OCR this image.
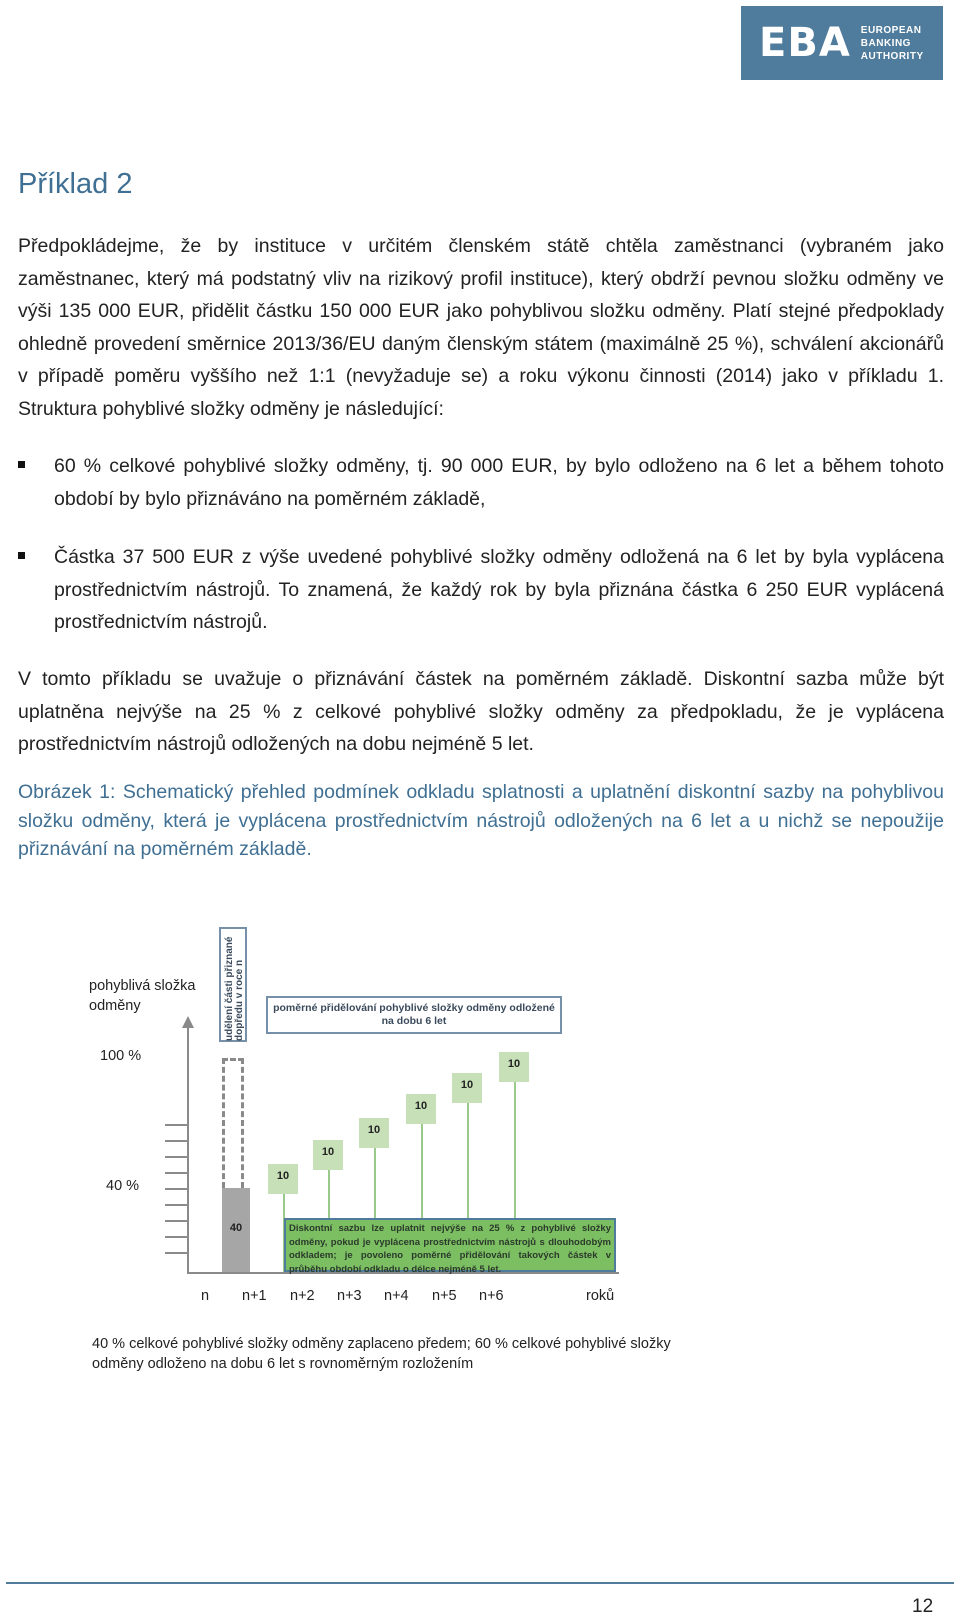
EBA EUROPEAN
BANKING
AUTHORITY
Příklad 2
Předpokládejme, že by instituce v určitém členském státě chtěla zaměstnanci (vybraném jako zaměstnanec, který má podstatný vliv na rizikový profil instituce), který obdrží pevnou složku odměny ve výši 135 000 EUR, přidělit částku 150 000 EUR jako pohyblivou složku odměny. Platí stejné předpoklady ohledně provedení směrnice 2013/36/EU daným členským státem (maximálně 25 %), schválení akcionářů v případě poměru vyššího než 1:1 (nevyžaduje se) a roku výkonu činnosti (2014) jako v příkladu 1. Struktura pohyblivé složky odměny je následující:
60 % celkové pohyblivé složky odměny, tj. 90 000 EUR, by bylo odloženo na 6 let a během tohoto období by bylo přiznáváno na poměrném základě,
Částka 37 500 EUR z výše uvedené pohyblivé složky odměny odložená na 6 let by byla vyplácena prostřednictvím nástrojů. To znamená, že každý rok by byla přiznána částka 6 250 EUR vyplácená prostřednictvím nástrojů.
V tomto příkladu se uvažuje o přiznávání částek na poměrném základě. Diskontní sazba může být uplatněna nejvýše na 25 % z celkové pohyblivé složky odměny za předpokladu, že je vyplácena prostřednictvím nástrojů odložených na dobu nejméně 5 let.
Obrázek 1: Schematický přehled podmínek odkladu splatnosti a uplatnění diskontní sazby na pohyblivou složku odměny, která je vyplácena prostřednictvím nástrojů odložených na 6 let a u nichž se nepoužije přiznávání na poměrném základě.
pohyblivá složka
odměny	udělení části přiznané dopředu v roce n	poměrné přidělování pohyblivé složky odměny odložené na dobu 6 let
100 %
40 %
40
10
10
10
10
10
10
Diskontní sazbu lze uplatnit nejvýše na 25 % z pohyblivé složky odměny, pokud je vyplácena prostřednictvím nástrojů s dlouhodobým odkladem; je povoleno poměrné přidělování takových částek v průběhu období odkladu o délce nejméně 5 let.
n n+1 n+2 n+3 n+4 n+5 n+6	roků
40 % celkové pohyblivé složky odměny zaplaceno předem; 60 % celkové pohyblivé složky odměny odloženo na dobu 6 let s rovnoměrným rozložením
12
